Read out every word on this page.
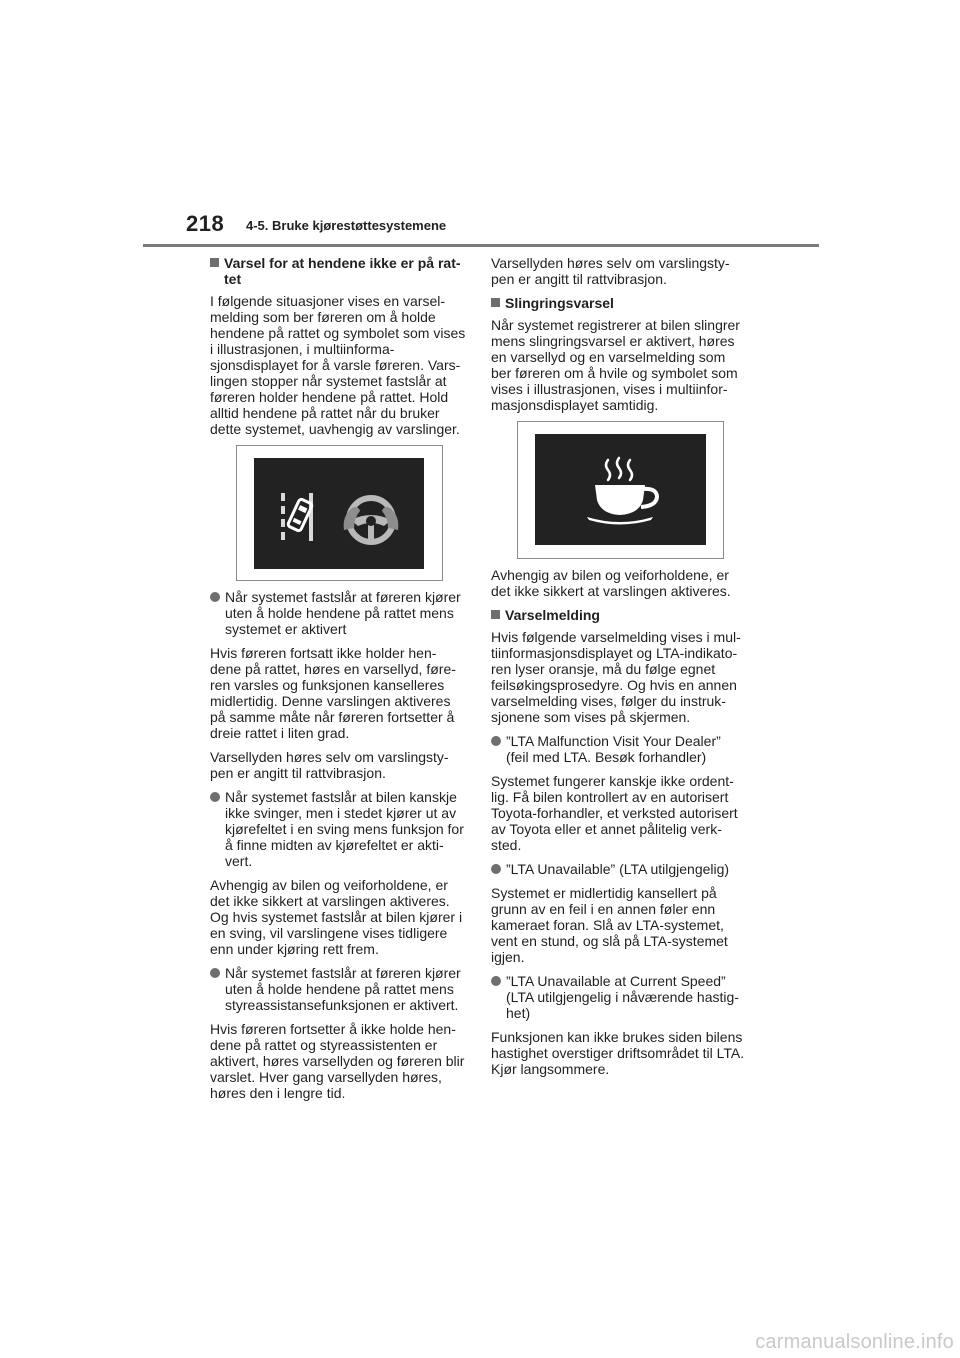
218 4-5. Bruke kjørestøttesystemene

Varsel for at hendene ikke er på rat-tet

I følgende situasjoner vises en varsel-melding som ber føreren om å holde hendene på rattet og symbolet som vises i illustrasjonen, i multiinforma-sjonsdisplayet for å varsle føreren. Vars-lingen stopper når systemet fastslår at føreren holder hendene på rattet. Hold alltid hendene på rattet når du bruker dette systemet, uavhengig av varslinger.

Når systemet fastslår at føreren kjører uten å holde hendene på rattet mens systemet er aktivert

Hvis føreren fortsatt ikke holder hen-dene på rattet, høres en varsellyd, føre-ren varsles og funksjonen kanselleres midlertidig. Denne varslingen aktiveres på samme måte når føreren fortsetter å dreie rattet i liten grad.

Varsellyden høres selv om varslingsty-pen er angitt til rattvibrasjon.

Når systemet fastslår at bilen kanskje ikke svinger, men i stedet kjører ut av kjørefeltet i en sving mens funksjon for å finne midten av kjørefeltet er akti-vert.

Avhengig av bilen og veiforholdene, er det ikke sikkert at varslingen aktiveres. Og hvis systemet fastslår at bilen kjører i en sving, vil varslingene vises tidligere enn under kjøring rett frem.

Når systemet fastslår at føreren kjører uten å holde hendene på rattet mens styreassistansefunksjonen er aktivert.

Hvis føreren fortsetter å ikke holde hen-dene på rattet og styreassistenten er aktivert, høres varsellyden og føreren blir varslet. Hver gang varsellyden høres, høres den i lengre tid.

Varsellyden høres selv om varslingsty-pen er angitt til rattvibrasjon.

Slingringsvarsel

Når systemet registrerer at bilen slingrer mens slingringsvarsel er aktivert, høres en varsellyd og en varselmelding som ber føreren om å hvile og symbolet som vises i illustrasjonen, vises i multiinfor-masjonsdisplayet samtidig.

Avhengig av bilen og veiforholdene, er det ikke sikkert at varslingen aktiveres.

Varselmelding

Hvis følgende varselmelding vises i mul-tiinformasjonsdisplayet og LTA-indikato-ren lyser oransje, må du følge egnet feilsøkingsprosedyre. Og hvis en annen varselmelding vises, følger du instruk-sjonene som vises på skjermen.

”LTA Malfunction Visit Your Dealer” (feil med LTA. Besøk forhandler)

Systemet fungerer kanskje ikke ordent-lig. Få bilen kontrollert av en autorisert Toyota-forhandler, et verksted autorisert av Toyota eller et annet pålitelig verk-sted.

”LTA Unavailable” (LTA utilgjengelig)

Systemet er midlertidig kansellert på grunn av en feil i en annen føler enn kameraet foran. Slå av LTA-systemet, vent en stund, og slå på LTA-systemet igjen.

”LTA Unavailable at Current Speed” (LTA utilgjengelig i nåværende hastig-het)

Funksjonen kan ikke brukes siden bilens hastighet overstiger driftsområdet til LTA. Kjør langsommere.

carmanualsonline.info
